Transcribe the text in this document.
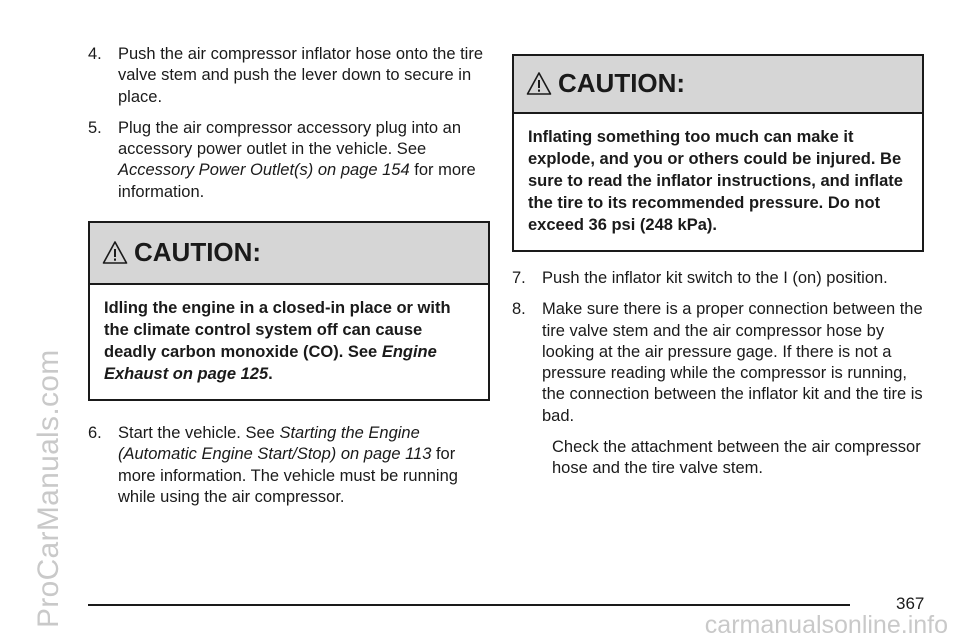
ProCarManuals.com	carmanualsonline.info
4. Push the air compressor inflator hose onto the tire valve stem and push the lever down to secure in place.
5. Plug the air compressor accessory plug into an accessory power outlet in the vehicle. See Accessory Power Outlet(s) on page 154 for more information.
CAUTION:
Idling the engine in a closed-in place or with the climate control system off can cause deadly carbon monoxide (CO). See Engine Exhaust on page 125.
6. Start the vehicle. See Starting the Engine (Automatic Engine Start/Stop) on page 113 for more information. The vehicle must be running while using the air compressor.
CAUTION:
Inflating something too much can make it explode, and you or others could be injured. Be sure to read the inflator instructions, and inflate the tire to its recommended pressure. Do not exceed 36 psi (248 kPa).
7. Push the inflator kit switch to the I (on) position.
8. Make sure there is a proper connection between the tire valve stem and the air compressor hose by looking at the air pressure gage. If there is not a pressure reading while the compressor is running, the connection between the inflator kit and the tire is bad.
Check the attachment between the air compressor hose and the tire valve stem.
367
